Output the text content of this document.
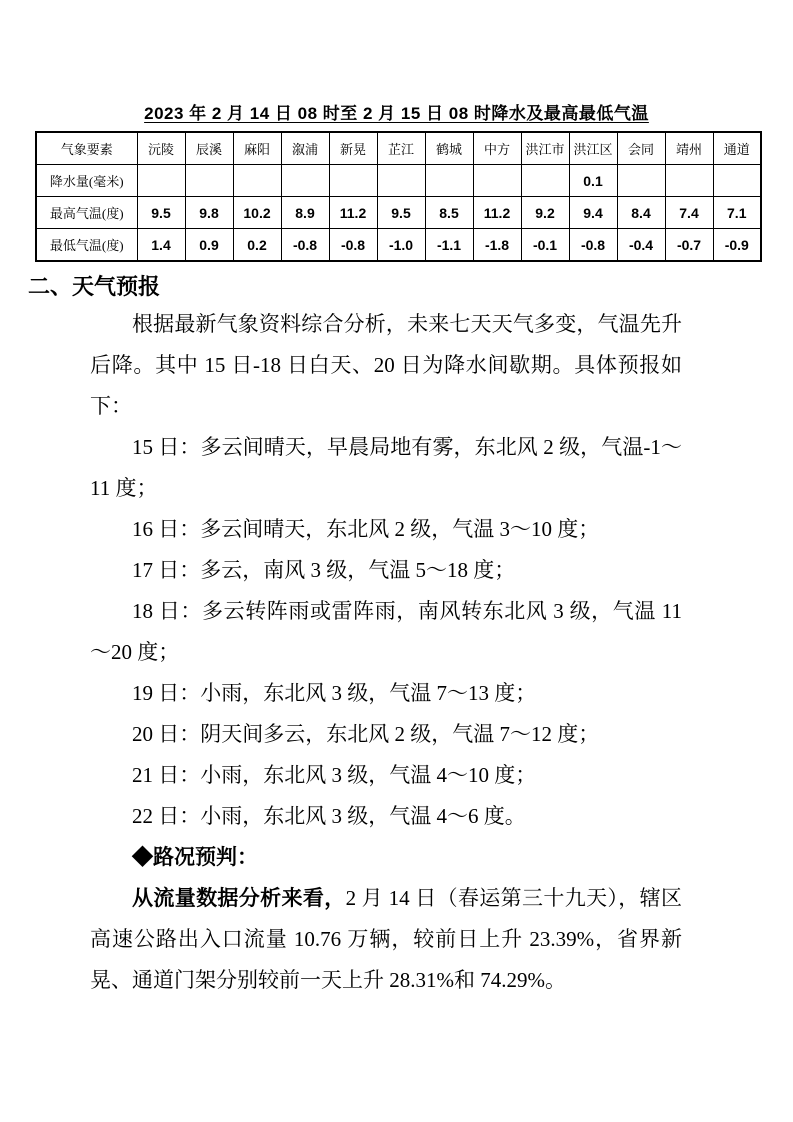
2023 年 2 月 14 日 08 时至 2 月 15 日 08 时降水及最高最低气温
气象要素	沅陵	辰溪	麻阳	溆浦	新晃	芷江	鹤城	中方	洪江市	洪江区	会同	靖州	通道
降水量(毫米)										0.1			
最高气温(度)	9.5	9.8	10.2	8.9	11.2	9.5	8.5	11.2	9.2	9.4	8.4	7.4	7.1
最低气温(度)	1.4	0.9	0.2	-0.8	-0.8	-1.0	-1.1	-1.8	-0.1	-0.8	-0.4	-0.7	-0.9
二、天气预报

根据最新气象资料综合分析，未来七天天气多变，气温先升后降。其中 15 日-18 日白天、20 日为降水间歇期。具体预报如下：

15 日：多云间晴天，早晨局地有雾，东北风 2 级，气温-1～11 度；

16 日：多云间晴天，东北风 2 级，气温 3～10 度；

17 日：多云，南风 3 级，气温 5～18 度；

18 日：多云转阵雨或雷阵雨，南风转东北风 3 级，气温 11～20 度；

19 日：小雨，东北风 3 级，气温 7～13 度；

20 日：阴天间多云，东北风 2 级，气温 7～12 度；

21 日：小雨，东北风 3 级，气温 4～10 度；

22 日：小雨，东北风 3 级，气温 4～6 度。

◆路况预判：

从流量数据分析来看，2 月 14 日（春运第三十九天），辖区高速公路出入口流量 10.76 万辆，较前日上升 23.39%，省界新晃、通道门架分别较前一天上升 28.31%和 74.29%。
